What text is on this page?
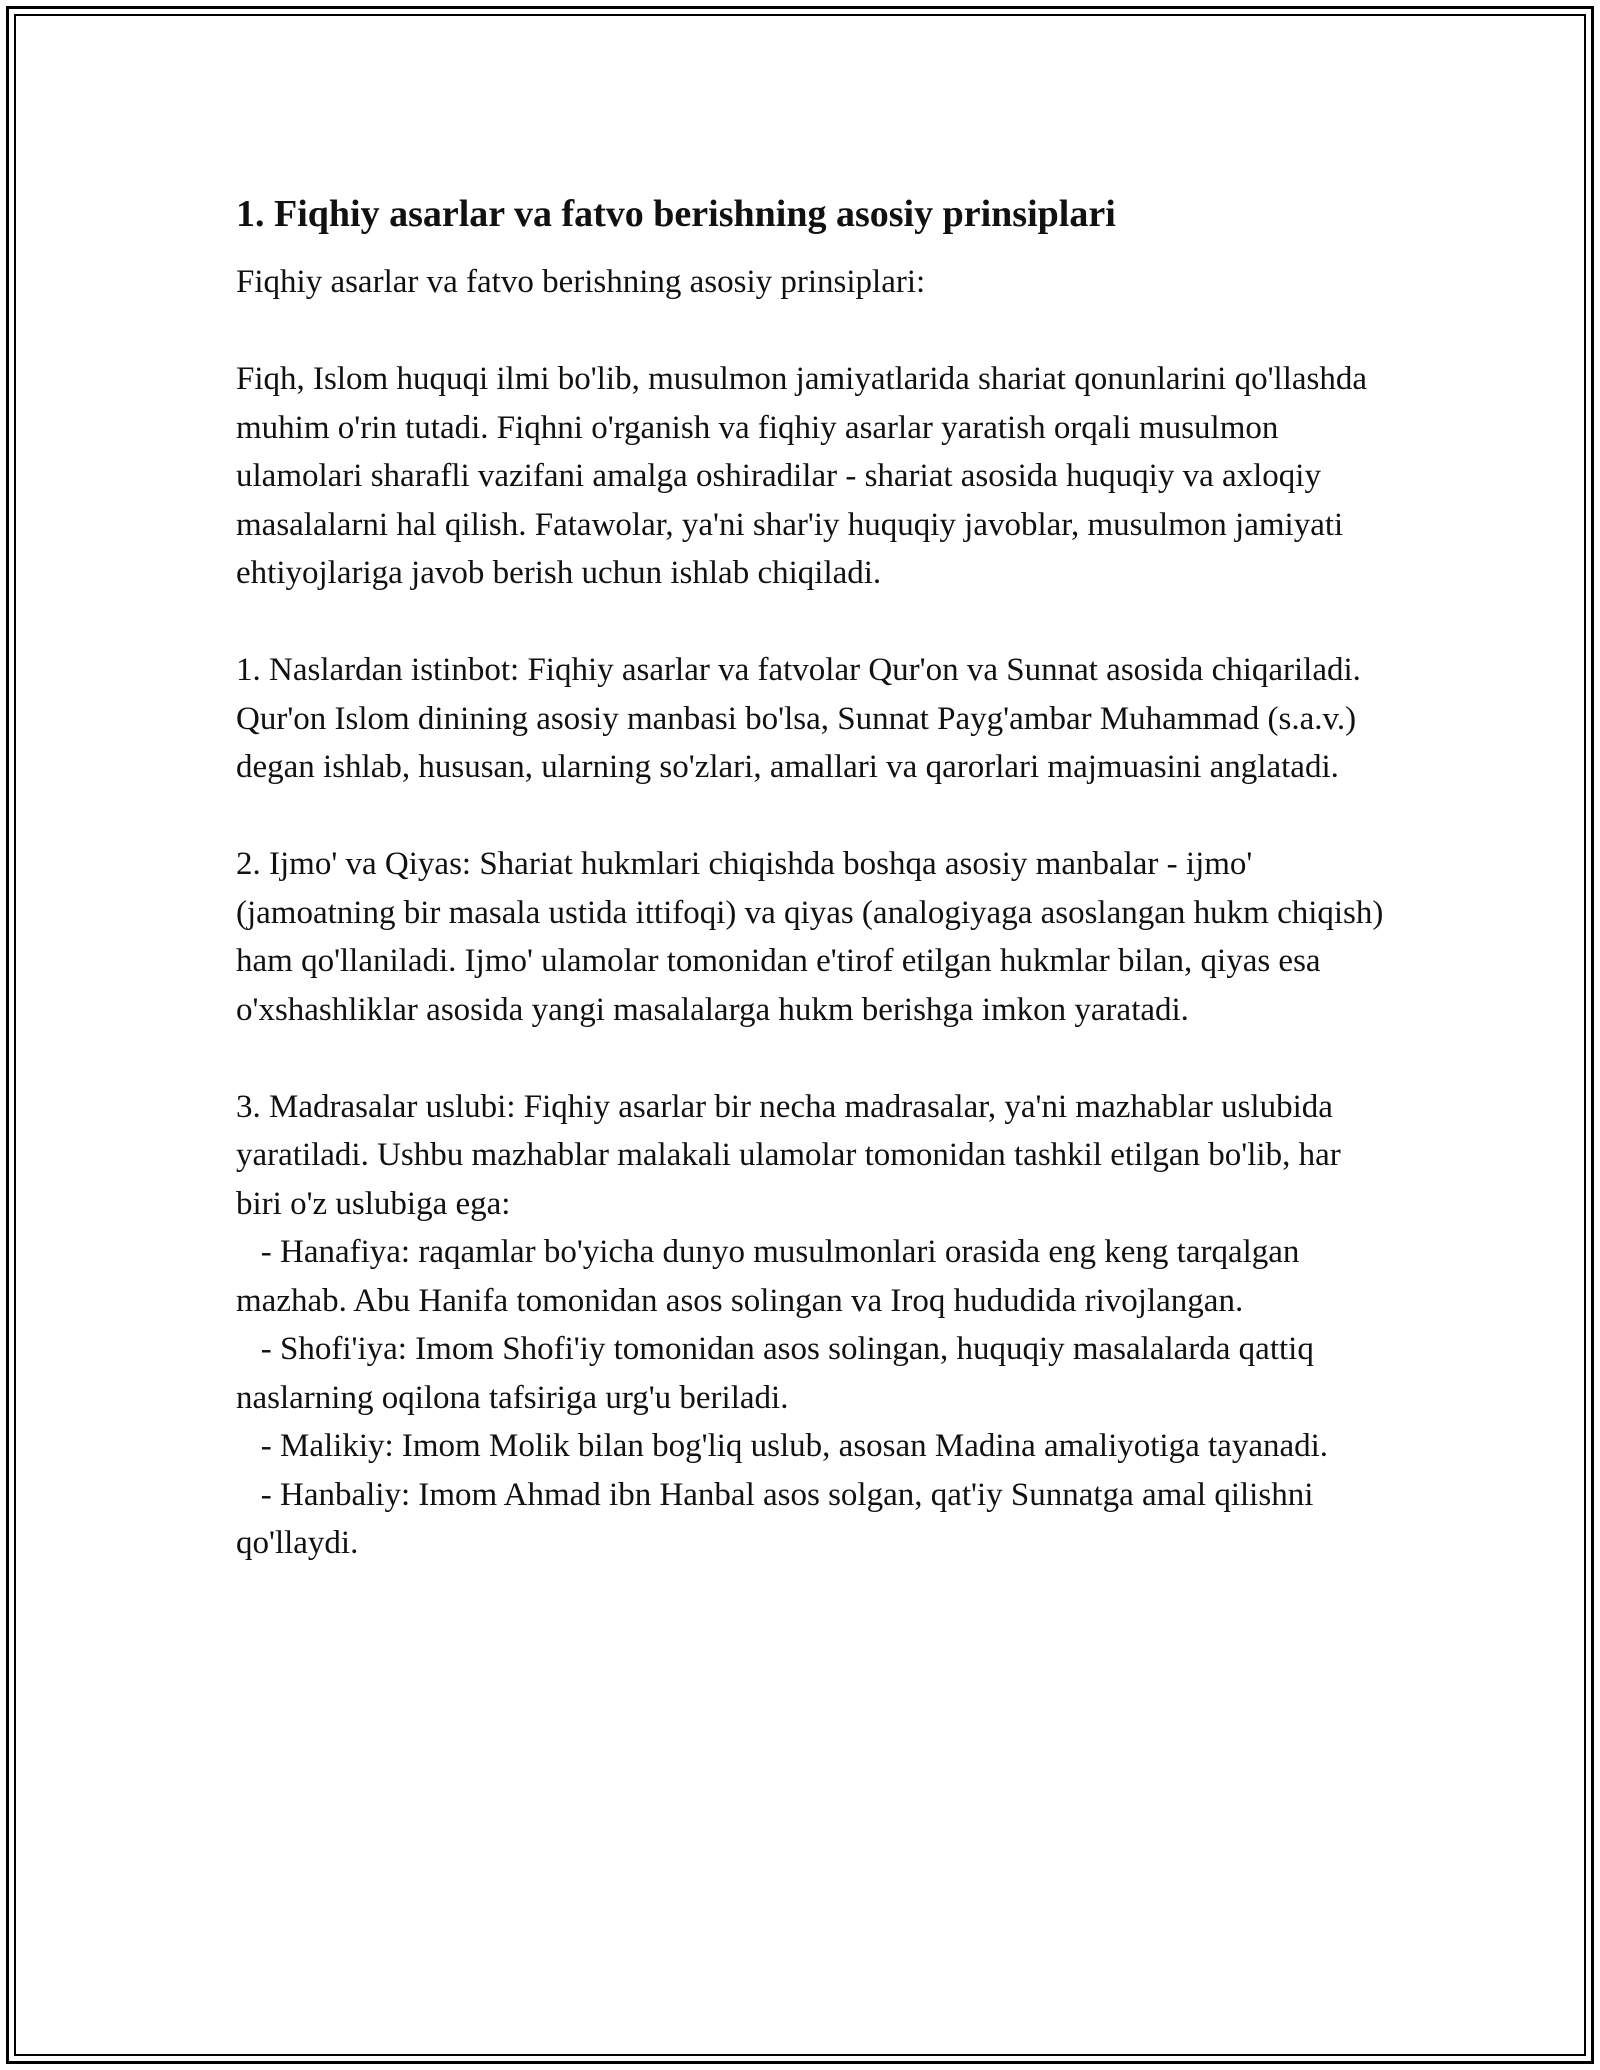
1. Fiqhiy asarlar va fatvo berishning asosiy prinsiplari

Fiqhiy asarlar va fatvo berishning asosiy prinsiplari:

Fiqh, Islom huquqi ilmi bo'lib, musulmon jamiyatlarida shariat qonunlarini qo'llashda muhim o'rin tutadi. Fiqhni o'rganish va fiqhiy asarlar yaratish orqali musulmon ulamolari sharafli vazifani amalga oshiradilar - shariat asosida huquqiy va axloqiy masalalarni hal qilish. Fatawolar, ya'ni shar'iy huquqiy javoblar, musulmon jamiyati ehtiyojlariga javob berish uchun ishlab chiqiladi.

1. Naslardan istinbot: Fiqhiy asarlar va fatvolar Qur'on va Sunnat asosida chiqariladi. Qur'on Islom dinining asosiy manbasi bo'lsa, Sunnat Payg'ambar Muhammad (s.a.v.) degan ishlab, hususan, ularning so'zlari, amallari va qarorlari majmuasini anglatadi.

2. Ijmo' va Qiyas: Shariat hukmlari chiqishda boshqa asosiy manbalar - ijmo' (jamoatning bir masala ustida ittifoqi) va qiyas (analogiyaga asoslangan hukm chiqish) ham qo'llaniladi. Ijmo' ulamolar tomonidan e'tirof etilgan hukmlar bilan, qiyas esa o'xshashliklar asosida yangi masalalarga hukm berishga imkon yaratadi.

3. Madrasalar uslubi: Fiqhiy asarlar bir necha madrasalar, ya'ni mazhablar uslubida yaratiladi. Ushbu mazhablar malakali ulamolar tomonidan tashkil etilgan bo'lib, har biri o'z uslubiga ega:

- Hanafiya: raqamlar bo'yicha dunyo musulmonlari orasida eng keng tarqalgan mazhab. Abu Hanifa tomonidan asos solingan va Iroq hududida rivojlangan.

- Shofi'iya: Imom Shofi'iy tomonidan asos solingan, huquqiy masalalarda qattiq naslarning oqilona tafsiriga urg'u beriladi.

- Malikiy: Imom Molik bilan bog'liq uslub, asosan Madina amaliyotiga tayanadi.

- Hanbaliy: Imom Ahmad ibn Hanbal asos solgan, qat'iy Sunnatga amal qilishni qo'llaydi.
